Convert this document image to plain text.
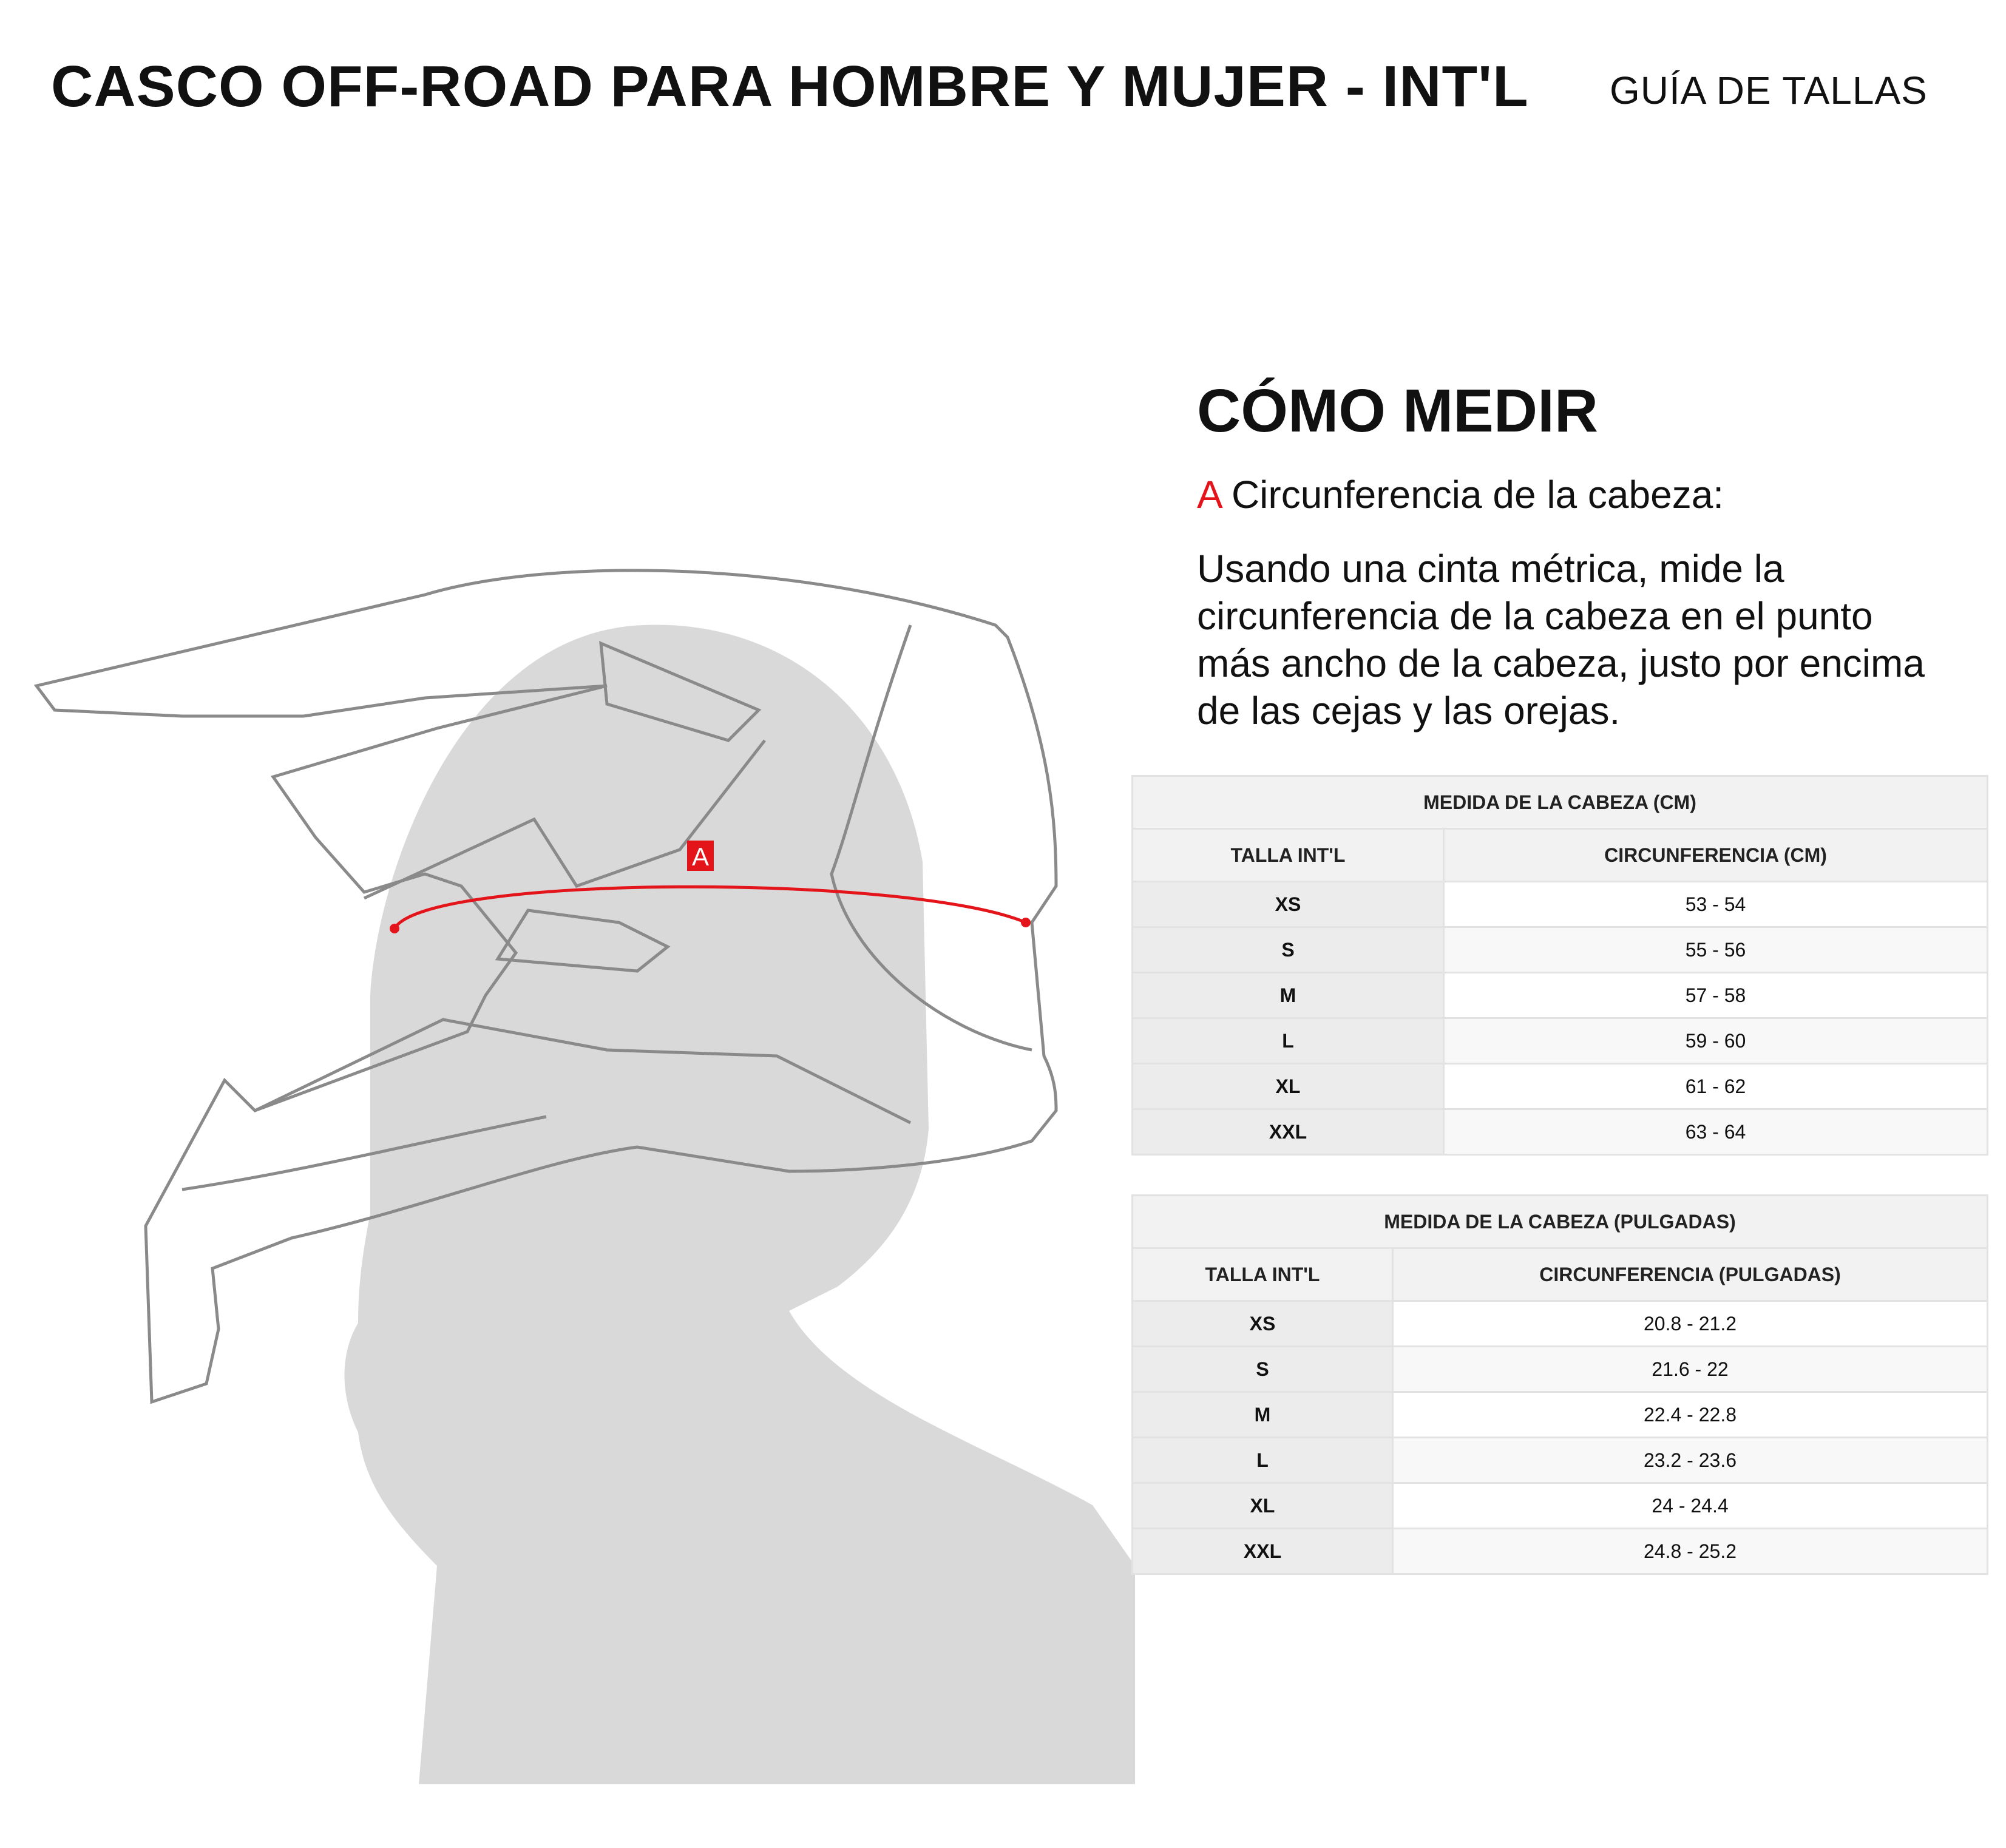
CASCO OFF-ROAD PARA HOMBRE Y MUJER - INT'L GUÍA DE TALLAS
A
CÓMO MEDIR
A Circunferencia de la cabeza:
Usando una cinta métrica, mide la circunferencia de la cabeza en el punto más ancho de la cabeza, justo por encima de las cejas y las orejas.
MEDIDA DE LA CABEZA (CM)	
TALLA INT'L	CIRCUNFERENCIA (CM)
XS	53 - 54
S	55 - 56
M	57 - 58
L	59 - 60
XL	61 - 62
XXL	63 - 64
MEDIDA DE LA CABEZA (PULGADAS)	
TALLA INT'L	CIRCUNFERENCIA (PULGADAS)
XS	20.8 - 21.2
S	21.6 - 22
M	22.4 - 22.8
L	23.2 - 23.6
XL	24 - 24.4
XXL	24.8 - 25.2
